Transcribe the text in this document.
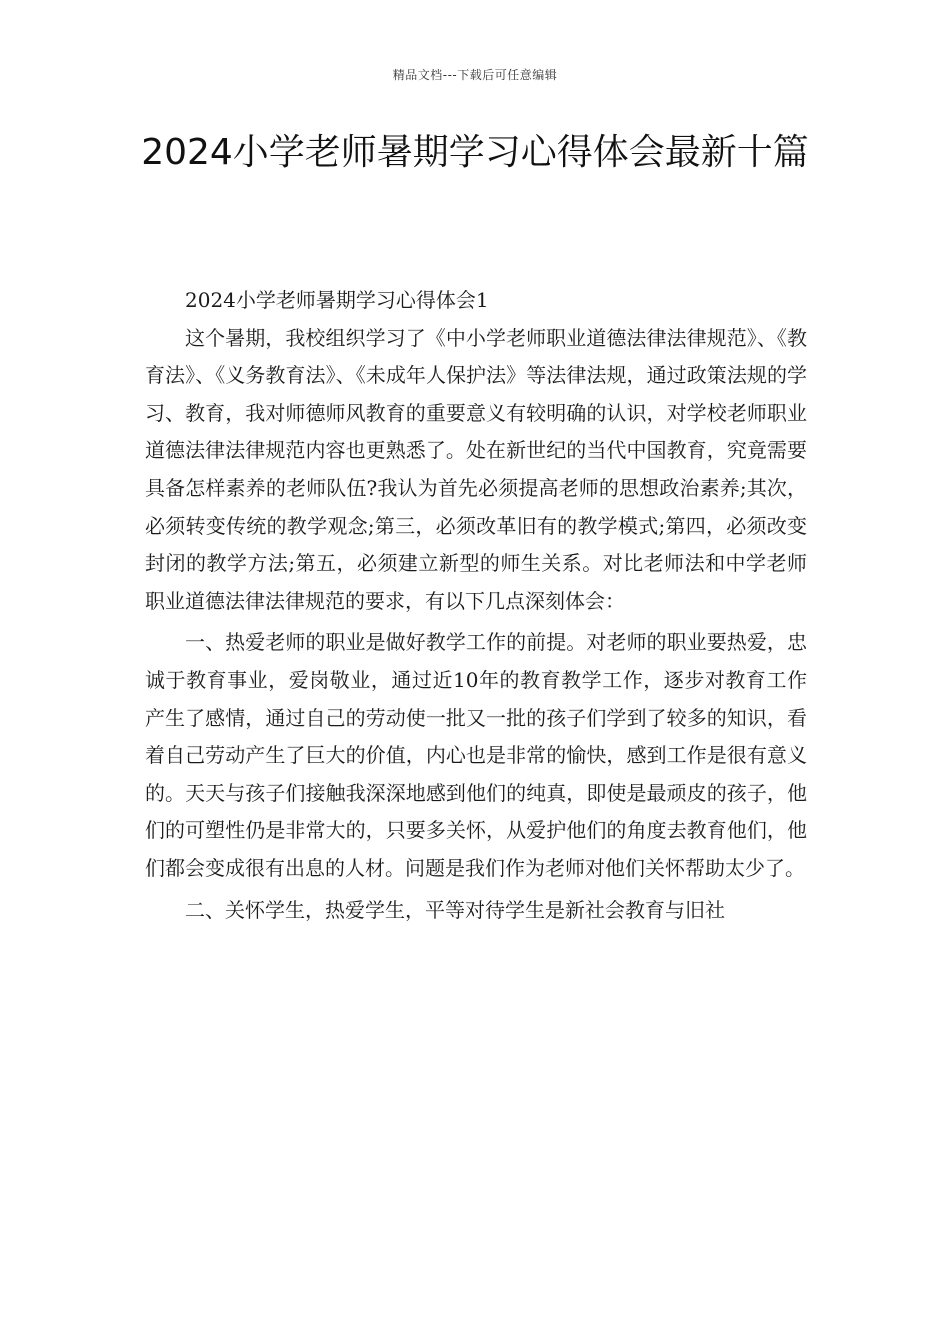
精品文档---下载后可任意编辑
2024小学老师暑期学习心得体会最新十篇

2024小学老师暑期学习心得体会1

这个暑期，我校组织学习了《中小学老师职业道德法律法律规范》、《教育法》、《义务教育法》、《未成年人保护法》等法律法规，通过政策法规的学习、教育，我对师德师风教育的重要意义有较明确的认识，对学校老师职业道德法律法律规范内容也更熟悉了。处在新世纪的当代中国教育，究竟需要具备怎样素养的老师队伍?我认为首先必须提高老师的思想政治素养;其次，必须转变传统的教学观念;第三，必须改革旧有的教学模式;第四，必须改变封闭的教学方法;第五，必须建立新型的师生关系。对比老师法和中学老师职业道德法律法律规范的要求，有以下几点深刻体会：

一、热爱老师的职业是做好教学工作的前提。对老师的职业要热爱，忠诚于教育事业，爱岗敬业，通过近10年的教育教学工作，逐步对教育工作产生了感情，通过自己的劳动使一批又一批的孩子们学到了较多的知识，看着自己劳动产生了巨大的价值，内心也是非常的愉快，感到工作是很有意义的。天天与孩子们接触我深深地感到他们的纯真，即使是最顽皮的孩子，他们的可塑性仍是非常大的，只要多关怀，从爱护他们的角度去教育他们，他们都会变成很有出息的人材。问题是我们作为老师对他们关怀帮助太少了。

二、关怀学生，热爱学生，平等对待学生是新社会教育与旧社
